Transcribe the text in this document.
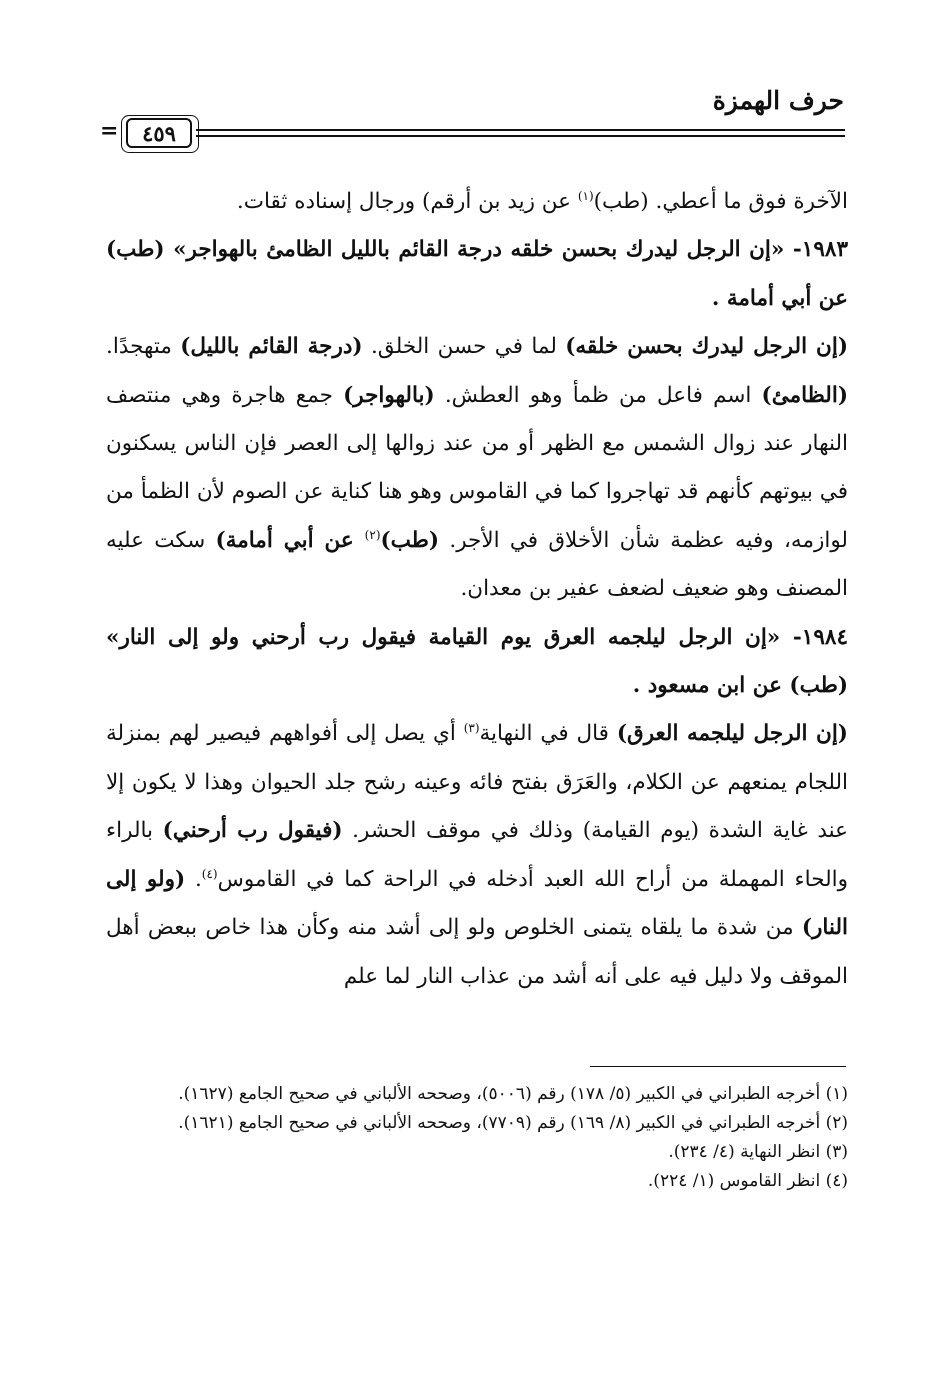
حرف الهمزة
=	٤٥٩

الآخرة فوق ما أعطي. (طب)$^{(١)}$ عن زيد بن أرقم) ورجال إسناده ثقات.

١٩٨٣- «إن الرجل ليدرك بحسن خلقه درجة القائم بالليل الظامئ بالهواجر» (طب) عن أبي أمامة .

(إن الرجل ليدرك بحسن خلقه) لما في حسن الخلق. (درجة القائم بالليل) متهجدًا. (الظامئ) اسم فاعل من ظمأ وهو العطش. (بالهواجر) جمع هاجرة وهي منتصف النهار عند زوال الشمس مع الظهر أو من عند زوالها إلى العصر فإن الناس يسكنون في بيوتهم كأنهم قد تهاجروا كما في القاموس وهو هنا كناية عن الصوم لأن الظمأ من لوازمه، وفيه عظمة شأن الأخلاق في الأجر. (طب)$^{(٢)}$ عن أبي أمامة) سكت عليه المصنف وهو ضعيف لضعف عفير بن معدان.

١٩٨٤- «إن الرجل ليلجمه العرق يوم القيامة فيقول رب أرحني ولو إلى النار» (طب) عن ابن مسعود .

(إن الرجل ليلجمه العرق) قال في النهاية$^{(٣)}$ أي يصل إلى أفواههم فيصير لهم بمنزلة اللجام يمنعهم عن الكلام، والعَرَق بفتح فائه وعينه رشح جلد الحيوان وهذا لا يكون إلا عند غاية الشدة (يوم القيامة) وذلك في موقف الحشر. (فيقول رب أرحني) بالراء والحاء المهملة من أراح الله العبد أدخله في الراحة كما في القاموس$^{(٤)}$. (ولو إلى النار) من شدة ما يلقاه يتمنى الخلوص ولو إلى أشد منه وكأن هذا خاص ببعض أهل الموقف ولا دليل فيه على أنه أشد من عذاب النار لما علم

(١) أخرجه الطبراني في الكبير (٥/ ١٧٨) رقم (٥٠٠٦)، وصححه الألباني في صحيح الجامع (١٦٢٧).

(٢) أخرجه الطبراني في الكبير (٨/ ١٦٩) رقم (٧٧٠٩)، وصححه الألباني في صحيح الجامع (١٦٢١).

(٣) انظر النهاية (٤/ ٢٣٤).

(٤) انظر القاموس (١/ ٢٢٤).
